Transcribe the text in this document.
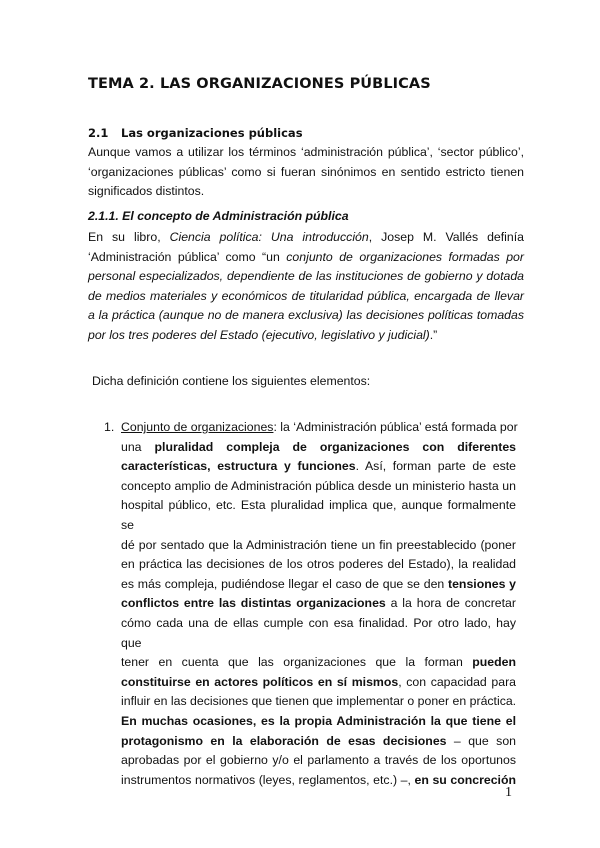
TEMA 2. LAS ORGANIZACIONES PÚBLICAS
2.1 Las organizaciones públicas
Aunque vamos a utilizar los términos ‘administración pública’, ‘sector público’,
‘organizaciones públicas’ como si fueran sinónimos en sentido estricto tienen
significados distintos.
2.1.1. El concepto de Administración pública
En su libro, Ciencia política: Una introducción, Josep M. Vallés definía
‘Administración pública’ como “un conjunto de organizaciones formadas por
personal especializados, dependiente de las instituciones de gobierno y dotada
de medios materiales y económicos de titularidad pública, encargada de llevar
a la práctica (aunque no de manera exclusiva) las decisiones políticas tomadas
por los tres poderes del Estado (ejecutivo, legislativo y judicial).”
Dicha definición contiene los siguientes elementos:
1. Conjunto de organizaciones: la ‘Administración pública’ está formada por
una pluralidad compleja de organizaciones con diferentes
características, estructura y funciones. Así, forman parte de este
concepto amplio de Administración pública desde un ministerio hasta un
hospital público, etc. Esta pluralidad implica que, aunque formalmente se
dé por sentado que la Administración tiene un fin preestablecido (poner
en práctica las decisiones de los otros poderes del Estado), la realidad
es más compleja, pudiéndose llegar el caso de que se den tensiones y
conflictos entre las distintas organizaciones a la hora de concretar
cómo cada una de ellas cumple con esa finalidad. Por otro lado, hay que
tener en cuenta que las organizaciones que la forman pueden
constituirse en actores políticos en sí mismos, con capacidad para
influir en las decisiones que tienen que implementar o poner en práctica.
En muchas ocasiones, es la propia Administración la que tiene el
protagonismo en la elaboración de esas decisiones – que son
aprobadas por el gobierno y/o el parlamento a través de los oportunos
instrumentos normativos (leyes, reglamentos, etc.) –, en su concreción
1
